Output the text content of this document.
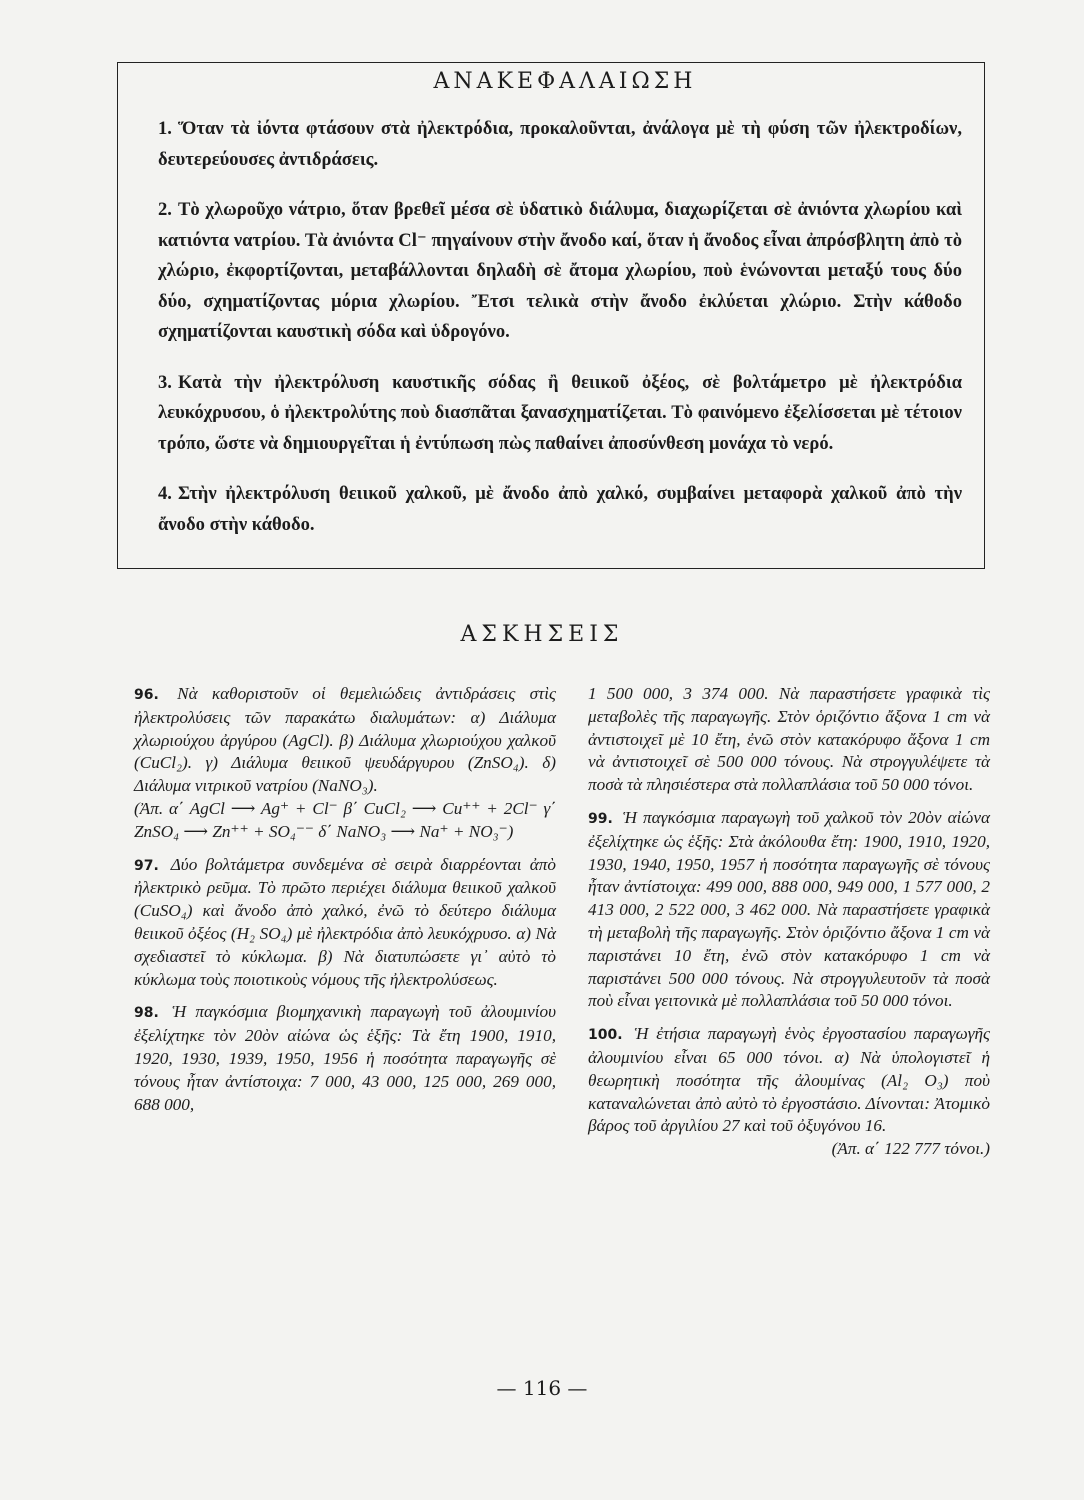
ΑΝΑΚΕΦΑΛΑΙΩΣΗ

1. Ὅταν τὰ ἰόντα φτάσουν στὰ ἠλεκτρόδια, προκαλοῦνται, ἀνάλογα μὲ τὴ φύση τῶν ἠλεκτροδίων, δευτερεύουσες ἀντιδράσεις.

2. Τὸ χλωροῦχο νάτριο, ὅταν βρεθεῖ μέσα σὲ ὑδατικὸ διάλυμα, διαχωρίζεται σὲ ἀνιόντα χλωρίου καὶ κατιόντα νατρίου. Τὰ ἀνιόντα Cl⁻ πηγαίνουν στὴν ἄνοδο καί, ὅταν ἡ ἄνοδος εἶναι ἀπρόσβλητη ἀπὸ τὸ χλώριο, ἐκφορτίζονται, μεταβάλλονται δηλαδὴ σὲ ἄτομα χλωρίου, ποὺ ἑνώνονται μεταξύ τους δύο δύο, σχηματίζοντας μόρια χλωρίου. Ἔτσι τελικὰ στὴν ἄνοδο ἐκλύεται χλώριο. Στὴν κάθοδο σχηματίζονται καυστικὴ σόδα καὶ ὑδρογόνο.

3. Κατὰ τὴν ἠλεκτρόλυση καυστικῆς σόδας ἢ θειικοῦ ὀξέος, σὲ βολτάμετρο μὲ ἠλεκτρόδια λευκόχρυσου, ὁ ἠλεκτρολύτης ποὺ διασπᾶται ξανασχηματίζεται. Τὸ φαινόμενο ἐξελίσσεται μὲ τέτοιον τρόπο, ὥστε νὰ δημιουργεῖται ἡ ἐντύπωση πὼς παθαίνει ἀποσύνθεση μονάχα τὸ νερό.

4. Στὴν ἠλεκτρόλυση θειικοῦ χαλκοῦ, μὲ ἄνοδο ἀπὸ χαλκό, συμβαίνει μεταφορὰ χαλκοῦ ἀπὸ τὴν ἄνοδο στὴν κάθοδο.

ΑΣΚΗΣΕΙΣ

96. Νὰ καθοριστοῦν οἱ θεμελιώδεις ἀντιδράσεις στὶς ἠλεκτρολύσεις τῶν παρακάτω διαλυμάτων: α) Διάλυμα χλωριούχου ἀργύρου (AgCl). β) Διάλυμα χλωριούχου χαλκοῦ (CuCl₂). γ) Διάλυμα θειικοῦ ψευδάργυρου (ZnSO₄). δ) Διάλυμα νιτρικοῦ νατρίου (NaNO₃).
(Ἀπ. α΄ AgCl ⟶ Ag⁺ + Cl⁻ β΄ CuCl₂ ⟶ Cu⁺⁺ + 2Cl⁻ γ΄ ZnSO₄ ⟶ Zn⁺⁺ + SO₄⁻⁻ δ΄ NaNO₃ ⟶ Na⁺ + NO₃⁻)

97. Δύο βολτάμετρα συνδεμένα σὲ σειρὰ διαρρέονται ἀπὸ ἠλεκτρικὸ ρεῦμα. Τὸ πρῶτο περιέχει διάλυμα θειικοῦ χαλκοῦ (CuSO₄) καὶ ἄνοδο ἀπὸ χαλκό, ἐνῶ τὸ δεύτερο διάλυμα θειικοῦ ὀξέος (H₂ SO₄) μὲ ἠλεκτρόδια ἀπὸ λευκόχρυσο. α) Νὰ σχεδιαστεῖ τὸ κύκλωμα. β) Νὰ διατυπώσετε γι᾽ αὐτὸ τὸ κύκλωμα τοὺς ποιοτικοὺς νόμους τῆς ἠλεκτρολύσεως.

98. Ἡ παγκόσμια βιομηχανικὴ παραγωγὴ τοῦ ἀλουμινίου ἐξελίχτηκε τὸν 20ὸν αἰώνα ὡς ἑξῆς: Τὰ ἔτη 1900, 1910, 1920, 1930, 1939, 1950, 1956 ἡ ποσότητα παραγωγῆς σὲ τόνους ἦταν ἀντίστοιχα: 7 000, 43 000, 125 000, 269 000, 688 000,

1 500 000, 3 374 000. Νὰ παραστήσετε γραφικὰ τὶς μεταβολὲς τῆς παραγωγῆς. Στὸν ὁριζόντιο ἄξονα 1 cm νὰ ἀντιστοιχεῖ μὲ 10 ἔτη, ἐνῶ στὸν κατακόρυφο ἄξονα 1 cm νὰ ἀντιστοιχεῖ σὲ 500 000 τόνους. Νὰ στρογγυλέψετε τὰ ποσὰ τὰ πλησιέστερα στὰ πολλαπλάσια τοῦ 50 000 τόνοι.

99. Ἡ παγκόσμια παραγωγὴ τοῦ χαλκοῦ τὸν 20ὸν αἰώνα ἐξελίχτηκε ὡς ἑξῆς: Στὰ ἀκόλουθα ἔτη: 1900, 1910, 1920, 1930, 1940, 1950, 1957 ἡ ποσότητα παραγωγῆς σὲ τόνους ἦταν ἀντίστοιχα: 499 000, 888 000, 949 000, 1 577 000, 2 413 000, 2 522 000, 3 462 000. Νὰ παραστήσετε γραφικὰ τὴ μεταβολὴ τῆς παραγωγῆς. Στὸν ὁριζόντιο ἄξονα 1 cm νὰ παριστάνει 10 ἔτη, ἐνῶ στὸν κατακόρυφο 1 cm νὰ παριστάνει 500 000 τόνους. Νὰ στρογγυλευτοῦν τὰ ποσὰ ποὺ εἶναι γειτονικὰ μὲ πολλαπλάσια τοῦ 50 000 τόνοι.

100. Ἡ ἐτήσια παραγωγὴ ἑνὸς ἐργοστασίου παραγωγῆς ἀλουμινίου εἶναι 65 000 τόνοι. α) Νὰ ὑπολογιστεῖ ἡ θεωρητικὴ ποσότητα τῆς ἀλουμίνας (Al₂ O₃) ποὺ καταναλώνεται ἀπὸ αὐτὸ τὸ ἐργοστάσιο. Δίνονται: Ἀτομικὸ βάρος τοῦ ἀργιλίου 27 καὶ τοῦ ὀξυγόνου 16.
(Ἀπ. α΄ 122 777 τόνοι.)

— 116 —
